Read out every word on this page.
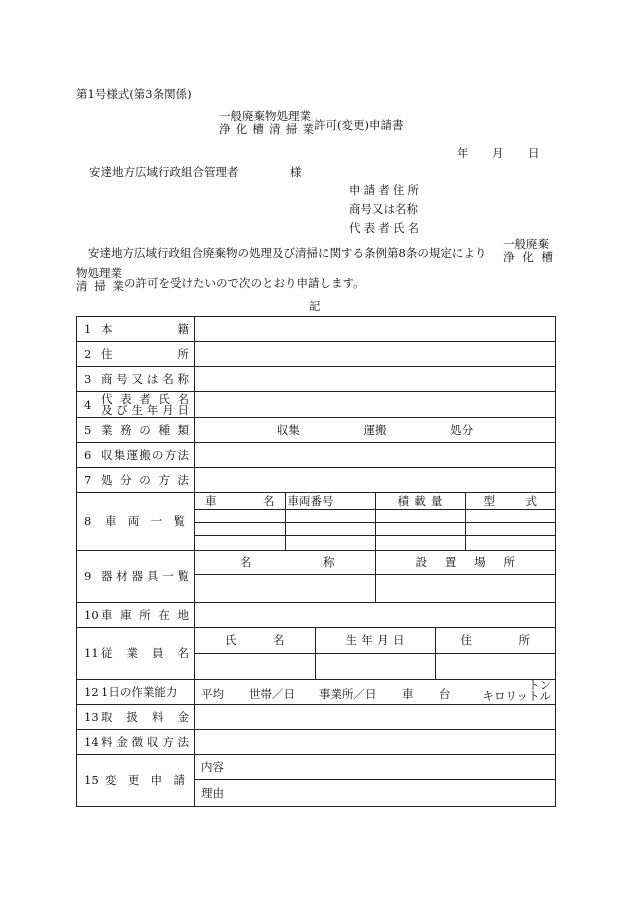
第1号様式(第3条関係)
一般廃棄物処理業
浄 化 槽 清 掃 業 許可(変更)申請書
年 月 日
安達地方広域行政組合管理者	様
申 請 者 住 所
商号又は名称
代 表 者 氏 名
安達地方広域行政組合廃棄物の処理及び清掃に関する条例第8条の規定により
一般廃棄
浄 化 槽
物処理業
清 掃 業 の許可を受けたいので次のとおり申請します。
記
1 本	籍

2 住	所

3 商 号 又 は 名 称

4 代 表 者 氏 名
及 び 生 年 月 日

5 業 務 の 種 類	収集	運搬	処分

6 収 集 運 搬 の 方 法

7 処 分 の 方 法

8	車 両 一 覧

車	名	車両番号	積 載 量	型	式

9 器 材 器 具 一 覧

名	称	設 置 場 所

10 車 庫 所 在 地

11 従 業 員 名

氏	名	生 年 月 日	住	所

12 1日の作業能力	平均 世帯／日 事業所／日 車 台
トン
キロリットル

13 取 扱 料 金

14 料 金 徴 収 方 法

15 変 更 申 請

内容
理由
